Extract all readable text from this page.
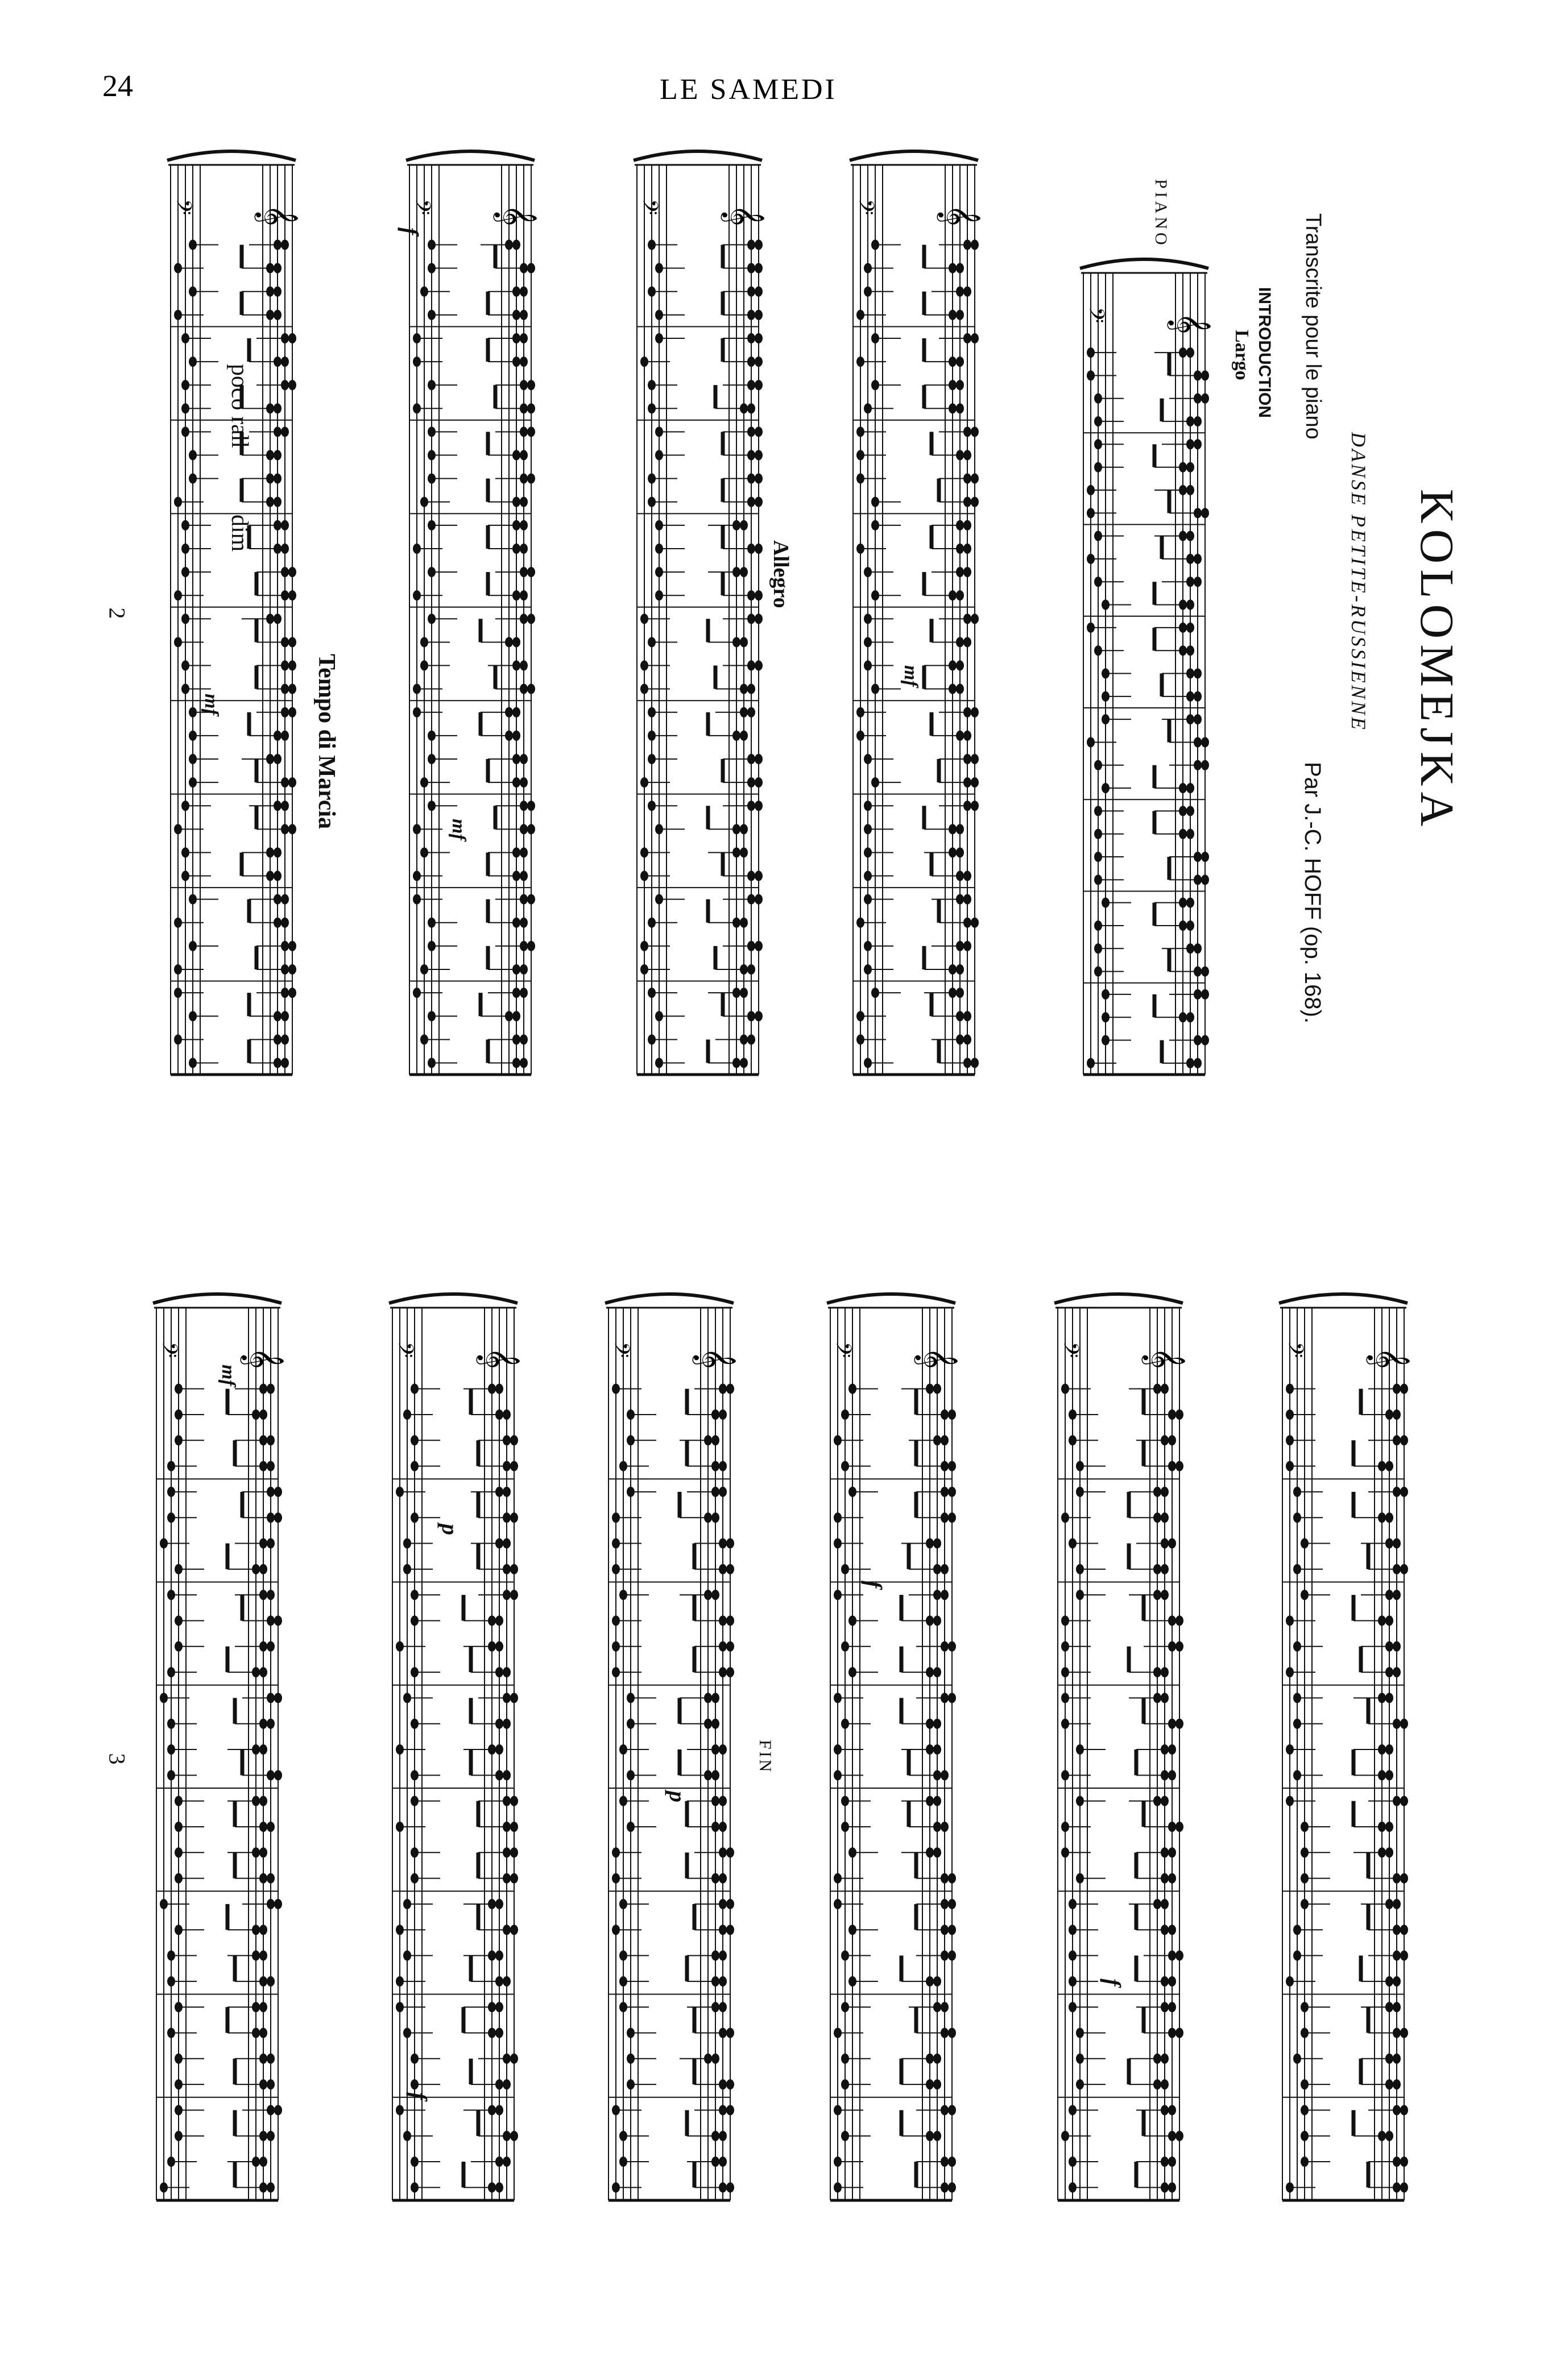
24	LE SAMEDI
KOLOMEJKA
DANSE PETITE-RUSSIENNE
Transcrite pour le piano
Par J.-C. HOFF (op. 168).
PIANO
INTRODUCTION
Largo
Allegro
Tempo di Marcia
poco rall
dim
FIN
2
3
f
mf
mf
mf
p
p
f
f
mf
f
𝄞
𝄢	𝄞
𝄢	𝄞
𝄢	𝄞
𝄢
𝄞
𝄢
𝄞
𝄢	𝄞
𝄢	𝄞
𝄢	𝄞
𝄢	𝄞
𝄢	𝄞
𝄢
